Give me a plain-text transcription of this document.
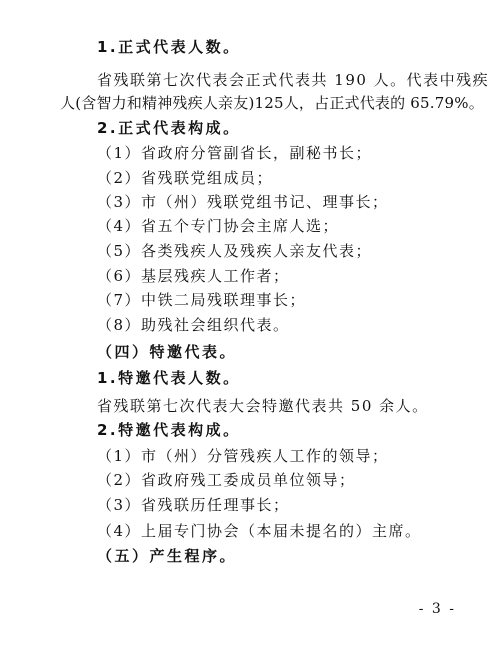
1.正式代表人数。
省残联第七次代表会正式代表共 190 人。代表中残疾
人(含智力和精神残疾人亲友)125人，占正式代表的 65.79%。
2.正式代表构成。
（1）省政府分管副省长，副秘书长；
（2）省残联党组成员；
（3）市（州）残联党组书记、理事长；
（4）省五个专门协会主席人选；
（5）各类残疾人及残疾人亲友代表；
（6）基层残疾人工作者；
（7）中铁二局残联理事长；
（8）助残社会组织代表。
（四）特邀代表。
1.特邀代表人数。
省残联第七次代表大会特邀代表共 50 余人。
2.特邀代表构成。
（1）市（州）分管残疾人工作的领导；
（2）省政府残工委成员单位领导；
（3）省残联历任理事长；
（4）上届专门协会（本届未提名的）主席。
（五）产生程序。
- 3 -
